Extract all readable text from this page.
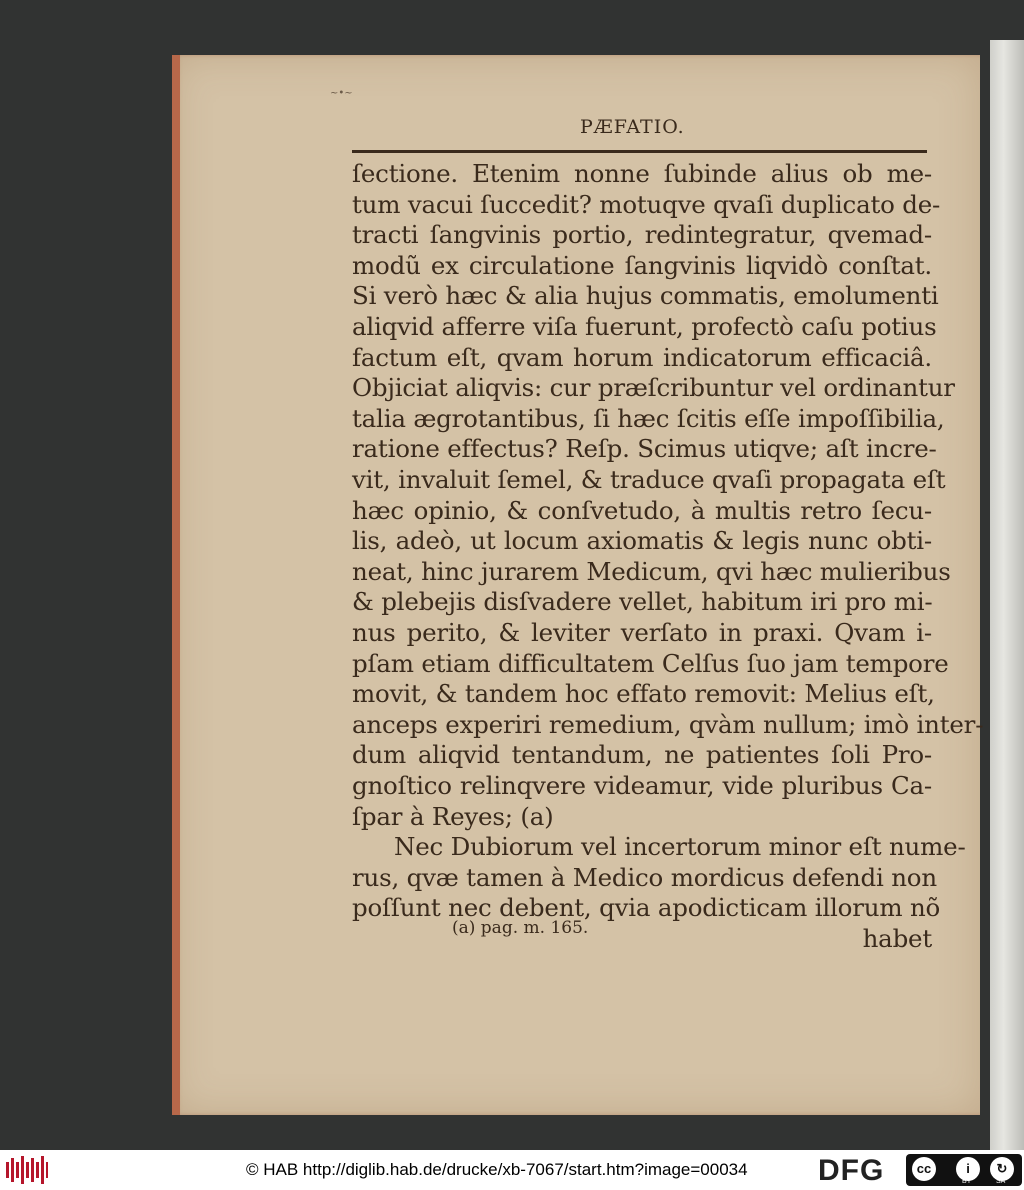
~•~
PÆFATIO.
ſectione. Etenim nonne ſubinde alius ob me-
tum vacui ſuccedit? motuqve qvaſi duplicato de-
tracti ſangvinis portio, redintegratur, qvemad-
modũ ex circulatione ſangvinis liqvidò conſtat.
Si verò hæc & alia hujus commatis, emolumenti
aliqvid afferre viſa fuerunt, profectò caſu potius
factum eſt, qvam horum indicatorum efficaciâ.
Objiciat aliqvis: cur præſcribuntur vel ordinantur
talia ægrotantibus, ſi hæc ſcitis eſſe impoſſibilia,
ratione effectus? Reſp. Scimus utiqve; aſt incre-
vit, invaluit ſemel, & traduce qvaſi propagata eſt
hæc opinio, & conſvetudo, à multis retro ſecu-
lis, adeò, ut locum axiomatis & legis nunc obti-
neat, hinc jurarem Medicum, qvi hæc mulieribus
& plebejis disſvadere vellet, habitum iri pro mi-
nus perito, & leviter verſato in praxi. Qvam i-
pſam etiam difficultatem Celſus ſuo jam tempore
movit, & tandem hoc effato removit: Melius eſt,
anceps experiri remedium, qvàm nullum; imò inter-
dum aliqvid tentandum, ne patientes ſoli Pro-
gnoſtico relinqvere videamur, vide pluribus Ca-
ſpar à Reyes; (a)
Nec Dubiorum vel incertorum minor eſt nume-
rus, qvæ tamen à Medico mordicus defendi non
poſſunt nec debent, qvia apodicticam illorum nõ
habet
(a) pag. m. 165.
© HAB http://diglib.hab.de/drucke/xb-7067/start.htm?image=00034 DFG	cc	i	↻
BY	SA
